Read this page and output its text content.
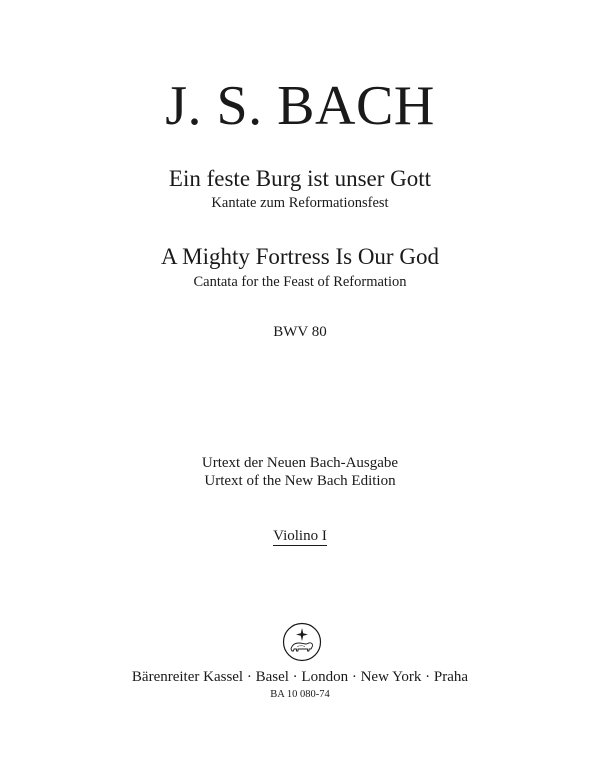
J. S. BACH
Ein feste Burg ist unser Gott
Kantate zum Reformationsfest
A Mighty Fortress Is Our God
Cantata for the Feast of Reformation
BWV 80
Urtext der Neuen Bach-Ausgabe
Urtext of the New Bach Edition
Violino I
Bärenreiter Kassel · Basel · London · New York · Praha
BA 10 080-74
